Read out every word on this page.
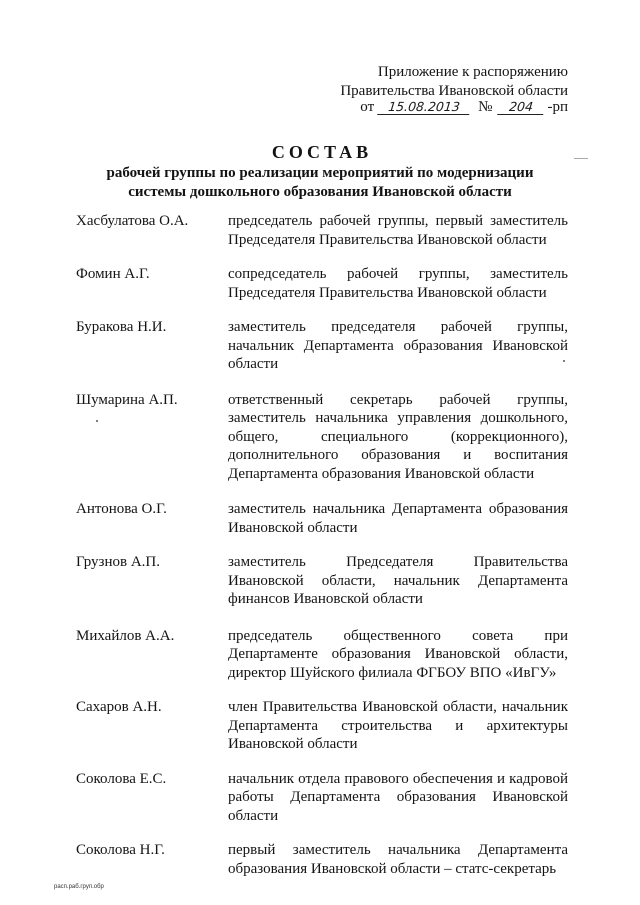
Приложение к распоряжению
Правительства Ивановской области
от	15.08.2013	№	204 -рп
СОСТАВ
рабочей группы по реализации мероприятий по модернизации
системы дошкольного образования Ивановской области
Хасбулатова О.А.	председатель рабочей группы, первый заместитель Председателя Правительства Ивановской области
Фомин А.Г.	сопредседатель рабочей группы, заместитель Председателя Правительства Ивановской области
Буракова Н.И.	заместитель председателя рабочей группы, начальник Департамента образования Ивановской области
Шумарина А.П.	ответственный секретарь рабочей группы, заместитель начальника управления дошкольного, общего, специального (коррекционного), дополнительного образования и воспитания Департамента образования Ивановской области
Антонова О.Г.	заместитель начальника Департамента образования Ивановской области
Грузнов А.П.	заместитель Председателя Правительства Ивановской области, начальник Департамента финансов Ивановской области
Михайлов А.А.	председатель общественного совета при Департаменте образования Ивановской области, директор Шуйского филиала ФГБОУ ВПО «ИвГУ»
Сахаров А.Н.	член Правительства Ивановской области, начальник Департамента строительства и архитектуры Ивановской области
Соколова Е.С.	начальник отдела правового обеспечения и кадровой работы Департамента образования Ивановской области
Соколова Н.Г.	первый заместитель начальника Департамента образования Ивановской области – статс-секретарь
расп.раб.груп.обр
